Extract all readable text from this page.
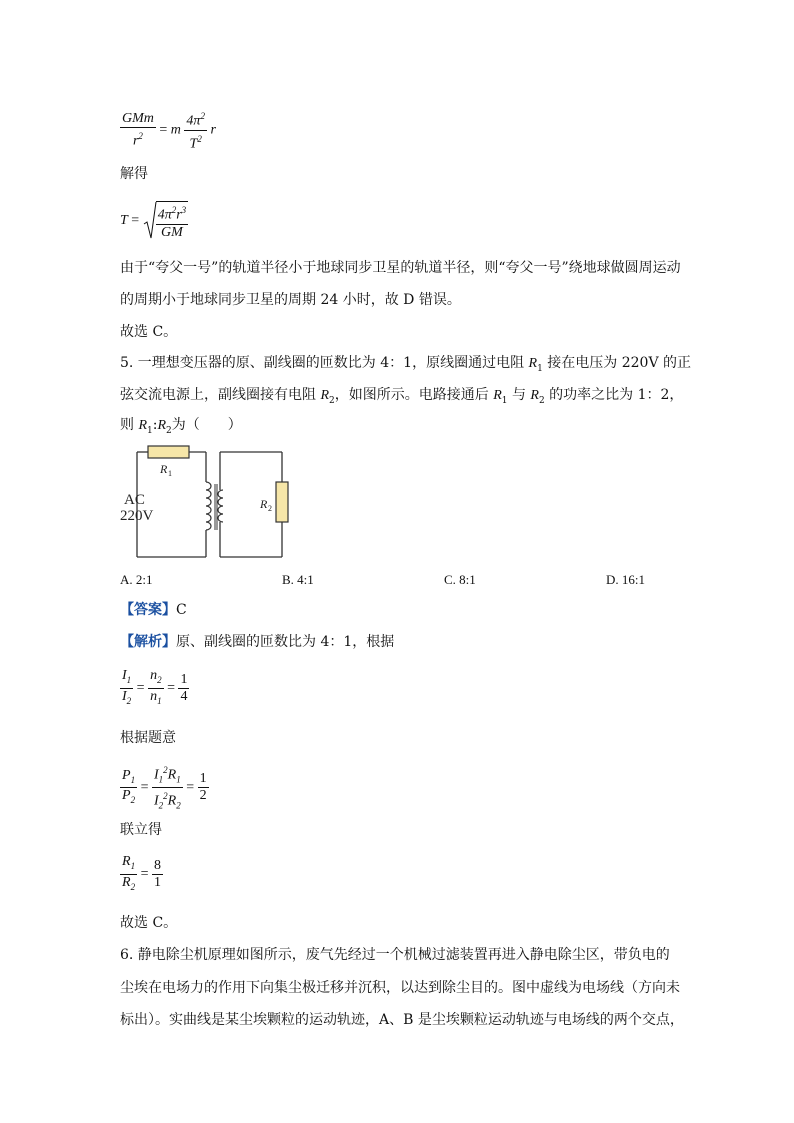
$\frac{\text{GMm}}{r^2} = m \frac{4\pi^2}{T^2}$ r
解得
$T = \frac{4\pi^2r^3}{GM}$
由于“夸父一号”的轨道半径小于地球同步卫星的轨道半径，则“夸父一号”绕地球做圆周运动
的周期小于地球同步卫星的周期 24 小时，故 D 错误。
故选 C。
5. 一理想变压器的原、副线圈的匝数比为 4：1，原线圈通过电阻 $R_1$ 接在电压为 220V 的正
弦交流电源上，副线圈接有电阻 $R_2$，如图所示。电路接通后 $R_1$ 与 $R_2$ 的功率之比为 1：2，
则 $R_1:R_2$为（　　）
R 1
R 2
AC
220V
A. 2:1	B. 4:1	C. 8:1	D. 16:1
【答案】C
【解析】原、副线圈的匝数比为 4：1，根据
$\frac{I_1}{I_2} = \frac{n_2}{n_1} = \frac{1}{4}$
根据题意
$\frac{P_1}{P_2} = \frac{I_1^2R_1}{I_2^2R_2} = \frac{1}{2}$
联立得
$\frac{R_1}{R_2} = \frac{8}{1}$
故选 C。
6. 静电除尘机原理如图所示，废气先经过一个机械过滤装置再进入静电除尘区，带负电的
尘埃在电场力的作用下向集尘极迁移并沉积，以达到除尘目的。图中虚线为电场线（方向未
标出）。实曲线是某尘埃颗粒的运动轨迹，A、B 是尘埃颗粒运动轨迹与电场线的两个交点，
